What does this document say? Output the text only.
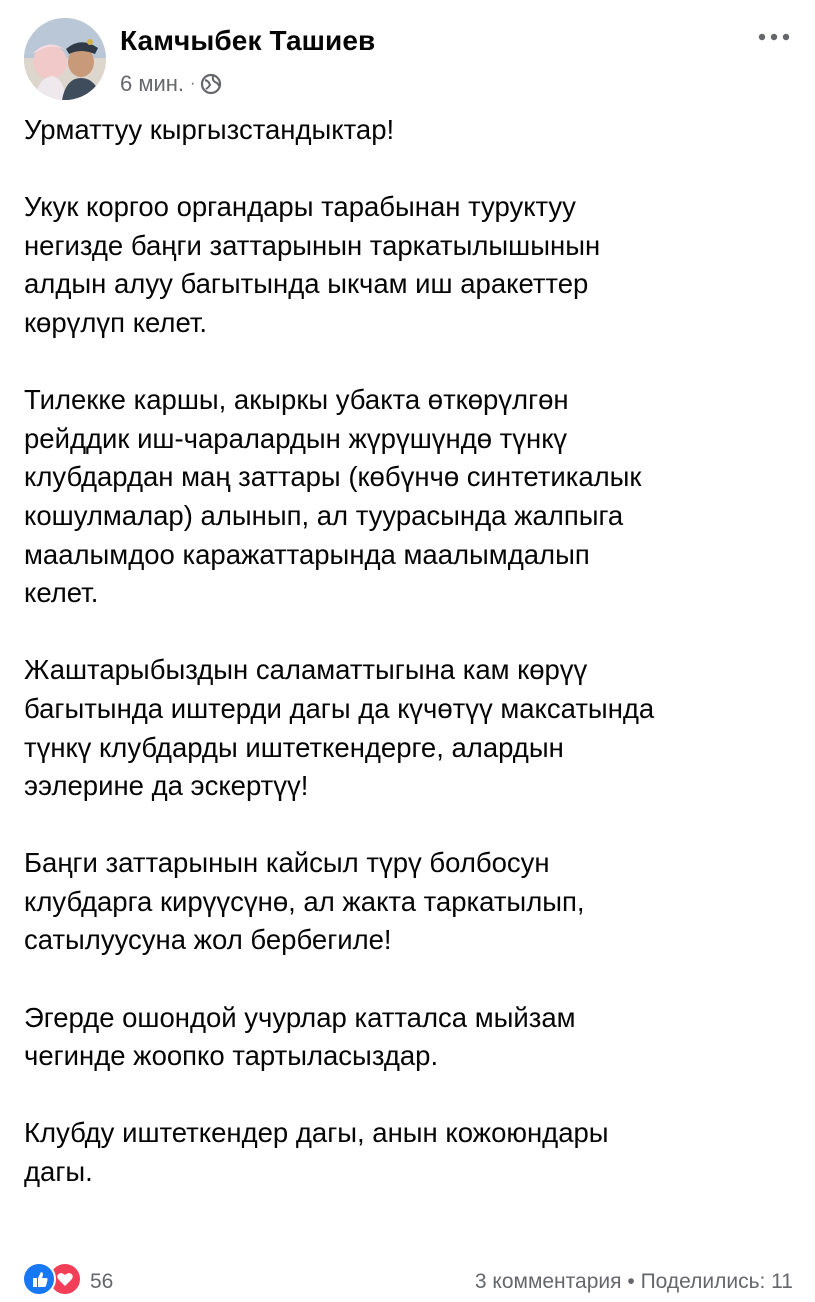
Камчыбек Ташиев
6 мин. ·

Урматтуу кыргызстандыктар!

Укук коргоо органдары тарабынан туруктуу
негизде баңги заттарынын таркатылышынын
алдын алуу багытында ыкчам иш аракеттер
көрүлүп келет.

Тилекке каршы, акыркы убакта өткөрүлгөн
рейддик иш-чаралардын жүрүшүндө түнкү
клубдардан маң заттары (көбүнчө синтетикалык
кошулмалар) алынып, ал туурасында жалпыга
маалымдоо каражаттарында маалымдалып
келет.

Жаштарыбыздын саламаттыгына кам көрүү
багытында иштерди дагы да күчөтүү максатында
түнкү клубдарды иштеткендерге, алардын
ээлерине да эскертүү!

Баңги заттарынын кайсыл түрү болбосун
клубдарга кирүүсүнө, ал жакта таркатылып,
сатылуусуна жол бербегиле!

Эгерде ошондой учурлар катталса мыйзам
чегинде жоопко тартыласыздар.

Клубду иштеткендер дагы, анын кожоюндары
дагы.

56	3 комментария • Поделились: 11
